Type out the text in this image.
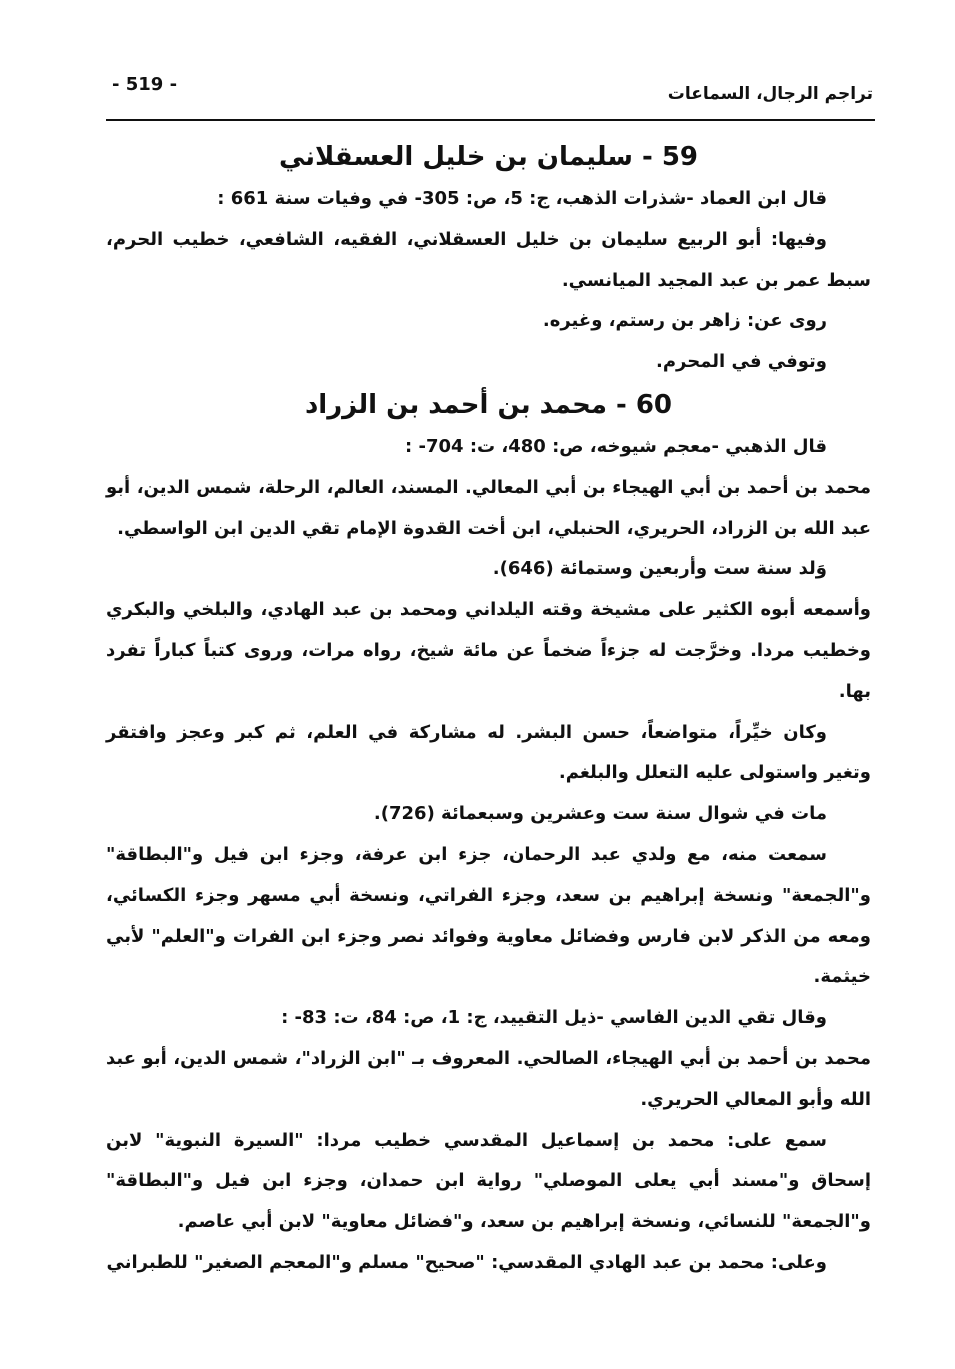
تراجم الرجال، السماعات
- 519 -
59 - سليمان بن خليل العسقلاني

قال ابن العماد -شذرات الذهب، ج: 5، ص: 305- في وفيات سنة 661 :

وفيها: أبو الربيع سليمان بن خليل العسقلاني، الفقيه، الشافعي، خطيب الحرم، سبط عمر بن عبد المجيد الميانسي.

روى عن: زاهر بن رستم، وغيره.

وتوفي في المحرم.

60 - محمد بن أحمد بن الزراد

قال الذهبي -معجم شيوخه، ص: 480، ت: 704- :

محمد بن أحمد بن أبي الهيجاء بن أبي المعالي. المسند، العالم، الرحلة، شمس الدين، أبو عبد الله بن الزراد، الحريري، الحنبلي، ابن أخت القدوة الإمام تقي الدين ابن الواسطي.

وَلد سنة ست وأربعين وستمائة (646).

وأسمعه أبوه الكثير على مشيخة وقته اليلداني ومحمد بن عبد الهادي، والبلخي والبكري وخطيب مردا. وخرَّجت له جزءاً ضخماً عن مائة شيخ، رواه مرات، وروى كتباً كباراً تفرد بها.

وكان خيِّراً، متواضعاً، حسن البشر. له مشاركة في العلم، ثم كبر وعجز وافتقر وتغير واستولى عليه التعلل والبلغم.

مات في شوال سنة ست وعشرين وسبعمائة (726).

سمعت منه، مع ولدي عبد الرحمان، جزء ابن عرفة، وجزء ابن فيل و"البطاقة" و"الجمعة" ونسخة إبراهيم بن سعد، وجزء الفراتي، ونسخة أبي مسهر وجزء الكسائي، ومعه من الذكر لابن فارس وفضائل معاوية وفوائد نصر وجزء ابن الفرات و"العلم" لأبي خيثمة.

وقال تقي الدين الفاسي -ذيل التقييد، ج: 1، ص: 84، ت: 83- :

محمد بن أحمد بن أبي الهيجاء، الصالحي. المعروف بـ "ابن الزراد"، شمس الدين، أبو عبد الله وأبو المعالي الحريري.

سمع على: محمد بن إسماعيل المقدسي خطيب مردا: "السيرة النبوية" لابن إسحاق و"مسند أبي يعلى الموصلي" رواية ابن حمدان، وجزء ابن فيل و"البطاقة" و"الجمعة" للنسائي، ونسخة إبراهيم بن سعد، و"فضائل معاوية" لابن أبي عاصم.

وعلى: محمد بن عبد الهادي المقدسي: "صحيح" مسلم و"المعجم الصغير" للطبراني
